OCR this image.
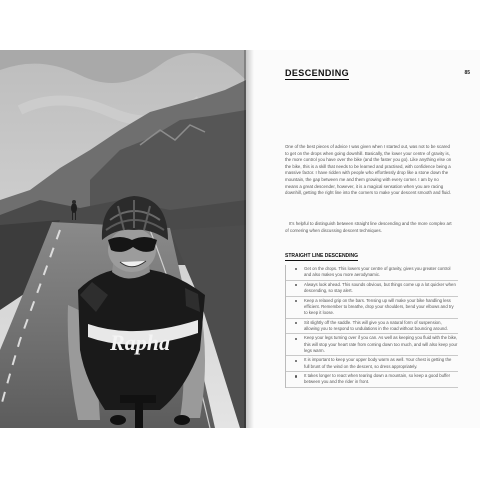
Rapha
DESCENDING	85

One of the best pieces of advice I was given when I started out, was not to be scared to get on the drops when going downhill. Basically, the lower your centre of gravity is, the more control you have over the bike (and the faster you go). Like anything else on the bike, this is a skill that needs to be learned and practised, with confidence being a massive factor. I have ridden with people who effortlessly drop like a stone down the mountain, the gap between me and them growing with every corner. I am by no means a great descender, however, it is a magical sensation when you are racing downhill, getting the right line into the corners to make your descent smooth and fluid.

It's helpful to distinguish between straight line descending and the more complex art of cornering when discussing descent techniques.

STRAIGHT LINE DESCENDING
Get on the drops. This lowers your centre of gravity, gives you greater control and also makes you more aerodynamic.
Always look ahead. This sounds obvious, but things come up a lot quicker when descending, so stay alert.
Keep a relaxed grip on the bars. Tensing up will make your bike handling less efficient. Remember to breathe, drop your shoulders, bend your elbows and try to keep it loose.
Sit slightly off the saddle. This will give you a natural form of suspension, allowing you to respond to undulations in the road without bouncing around.
Keep your legs turning over if you can. As well as keeping you fluid with the bike, this will stop your heart rate from coming down too much, and will also keep your legs warm.
It is important to keep your upper body warm as well. Your chest is getting the full brunt of the wind on the descent, so dress appropriately.
It takes longer to react when tearing down a mountain, so keep a good buffer between you and the rider in front.
